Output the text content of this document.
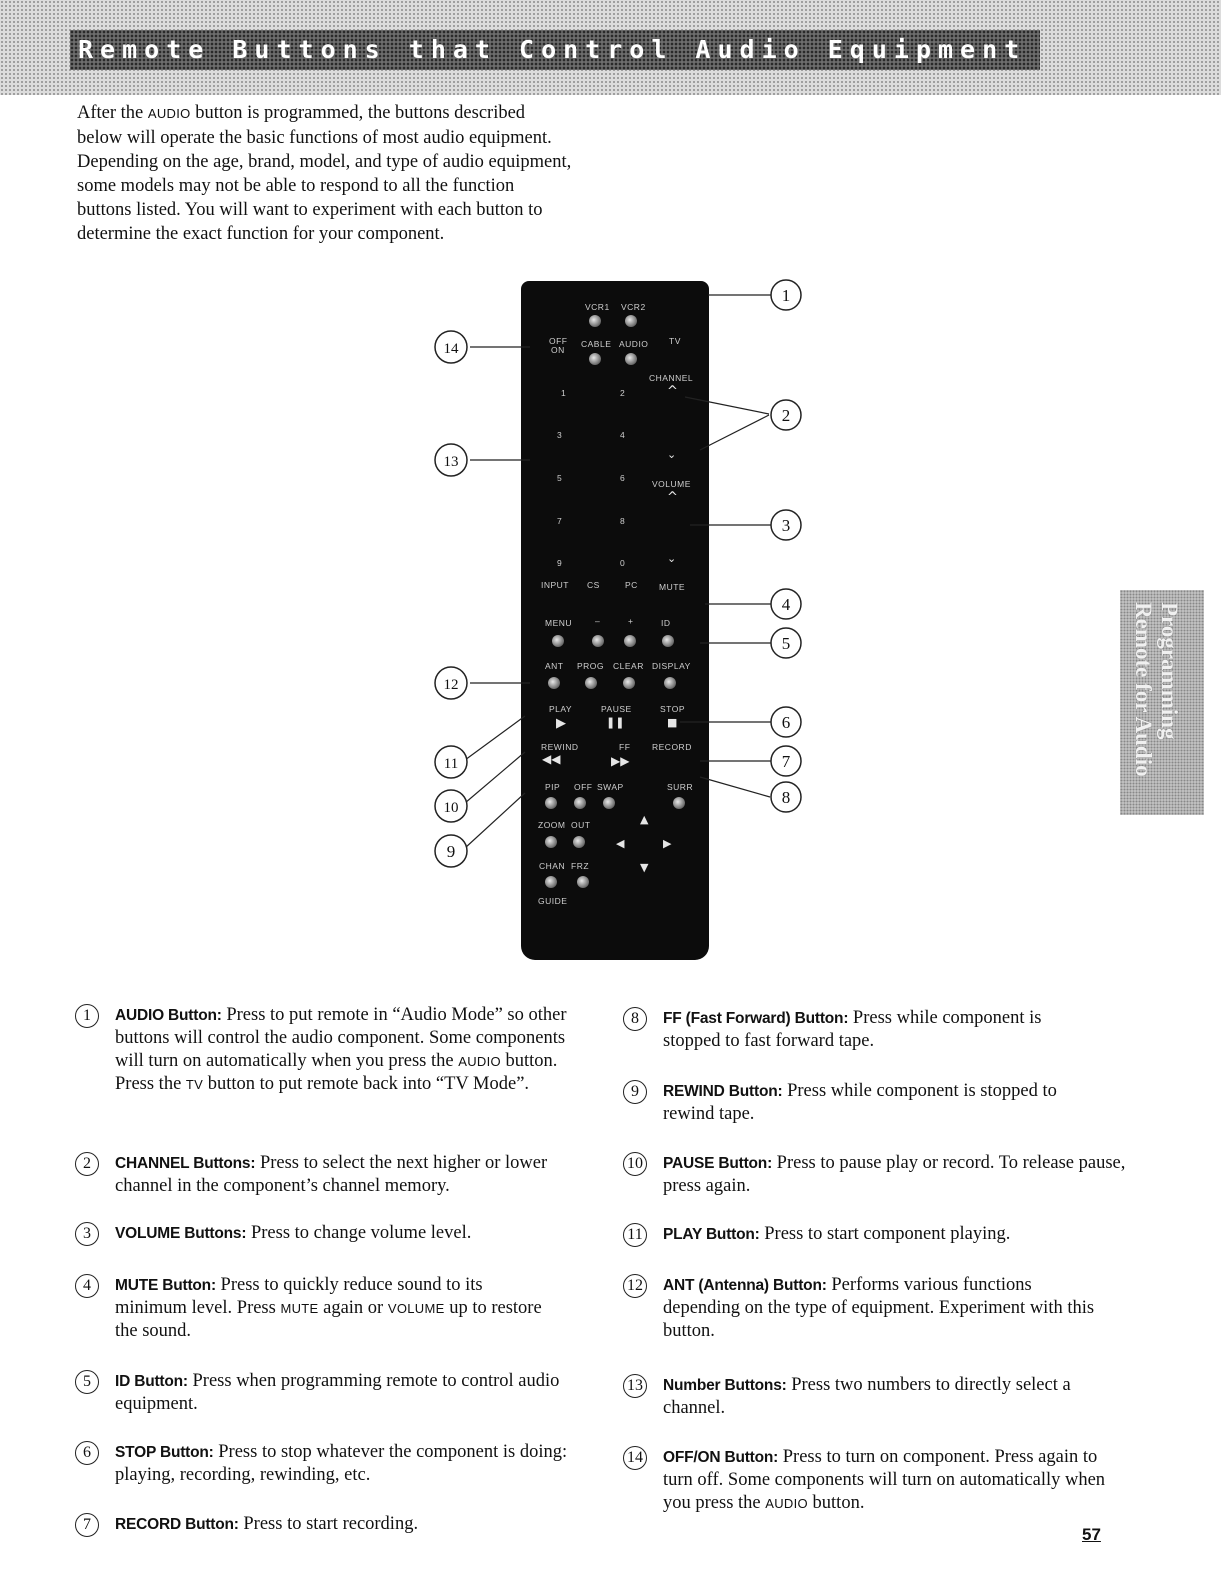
Remote Buttons that Control Audio Equipment
After the AUDIO button is programmed, the buttons described below will operate the basic functions of most audio equipment. Depending on the age, brand, model, and type of audio equipment, some models may not be able to respond to all the function buttons listed. You will want to experiment with each button to determine the exact function for your component.
Programming
Remote for Audio
VCR1 VCR2
OFF
ON
CABLE AUDIO TV
CHANNEL
1	2	^
3	4
⌄
5	6
VOLUME
^
7	8
9	0	⌄
INPUT CS	PC MUTE
MENU	–	+	ID
ANT PROG CLEAR DISPLAY
PLAY	PAUSE	STOP
▶	❚❚	■
REWIND	FF	RECORD
◀◀	▶▶
PIP OFF SWAP	SURR
ZOOM OUT	▲
◀	▶
CHAN FRZ	▼
GUIDE
1
2
3
4
5
6
7
8
9
10
11
12
13
14
1	AUDIO Button: Press to put remote in “Audio Mode” so other buttons will control the audio component. Some components will turn on automatically when you press the AUDIO button. Press the TV button to put remote back into “TV Mode”.
2	CHANNEL Buttons: Press to select the next higher or lower channel in the component’s channel memory.
3	VOLUME Buttons: Press to change volume level.
4	MUTE Button: Press to quickly reduce sound to its minimum level. Press MUTE again or VOLUME up to restore the sound.
5	ID Button: Press when programming remote to control audio equipment.
6	STOP Button: Press to stop whatever the component is doing: playing, recording, rewinding, etc.
7	RECORD Button: Press to start recording.
8	FF (Fast Forward) Button: Press while component is stopped to fast forward tape.
9	REWIND Button: Press while component is stopped to rewind tape.
10 PAUSE Button: Press to pause play or record. To release pause, press again.
11 PLAY Button: Press to start component playing.
12 ANT (Antenna) Button: Performs various functions depending on the type of equipment. Experiment with this button.
13 Number Buttons: Press two numbers to directly select a channel.
14 OFF/ON Button: Press to turn on component. Press again to turn off. Some components will turn on automatically when you press the AUDIO button.
57
